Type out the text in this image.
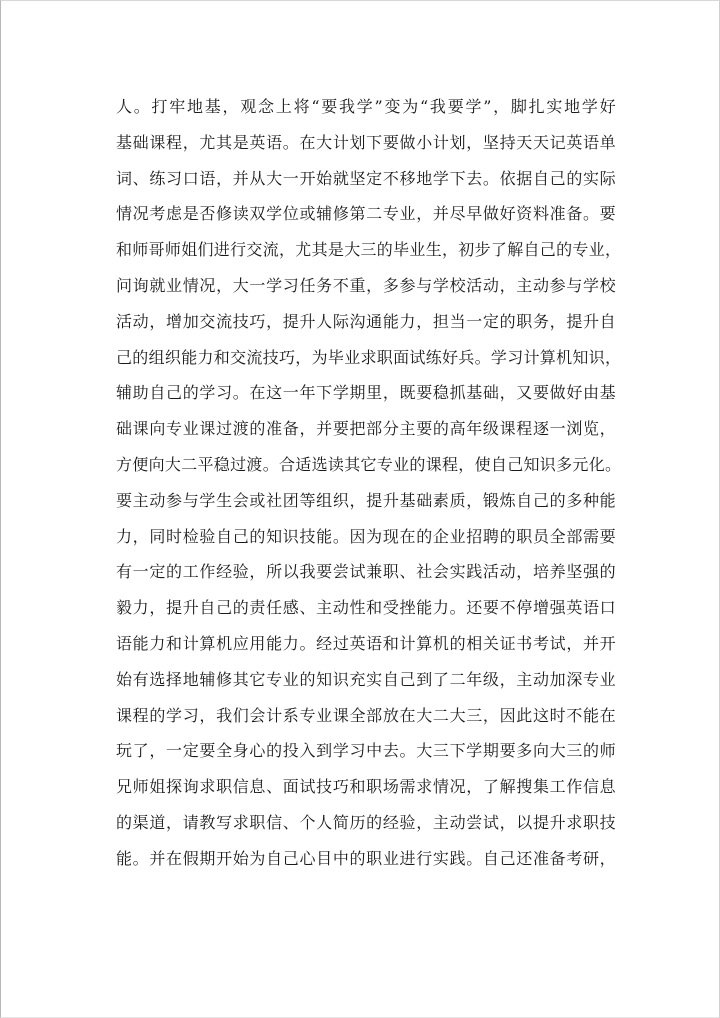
人。打牢地基，观念上将“要我学”变为“我要学”，脚扎实地学好
基础课程，尤其是英语。在大计划下要做小计划，坚持天天记英语单
词、练习口语，并从大一开始就坚定不移地学下去。依据自己的实际
情况考虑是否修读双学位或辅修第二专业，并尽早做好资料准备。要
和师哥师姐们进行交流，尤其是大三的毕业生，初步了解自己的专业，
问询就业情况，大一学习任务不重，多参与学校活动，主动参与学校
活动，增加交流技巧，提升人际沟通能力，担当一定的职务，提升自
己的组织能力和交流技巧，为毕业求职面试练好兵。学习计算机知识，
辅助自己的学习。在这一年下学期里，既要稳抓基础，又要做好由基
础课向专业课过渡的准备，并要把部分主要的高年级课程逐一浏览，
方便向大二平稳过渡。合适选读其它专业的课程，使自己知识多元化。
要主动参与学生会或社团等组织，提升基础素质，锻炼自己的多种能
力，同时检验自己的知识技能。因为现在的企业招聘的职员全部需要
有一定的工作经验，所以我要尝试兼职、社会实践活动，培养坚强的
毅力，提升自己的责任感、主动性和受挫能力。还要不停增强英语口
语能力和计算机应用能力。经过英语和计算机的相关证书考试，并开
始有选择地辅修其它专业的知识充实自己到了二年级，主动加深专业
课程的学习，我们会计系专业课全部放在大二大三，因此这时不能在
玩了，一定要全身心的投入到学习中去。大三下学期要多向大三的师
兄师姐探询求职信息、面试技巧和职场需求情况，了解搜集工作信息
的渠道，请教写求职信、个人简历的经验，主动尝试，以提升求职技
能。并在假期开始为自己心目中的职业进行实践。自己还准备考研，
